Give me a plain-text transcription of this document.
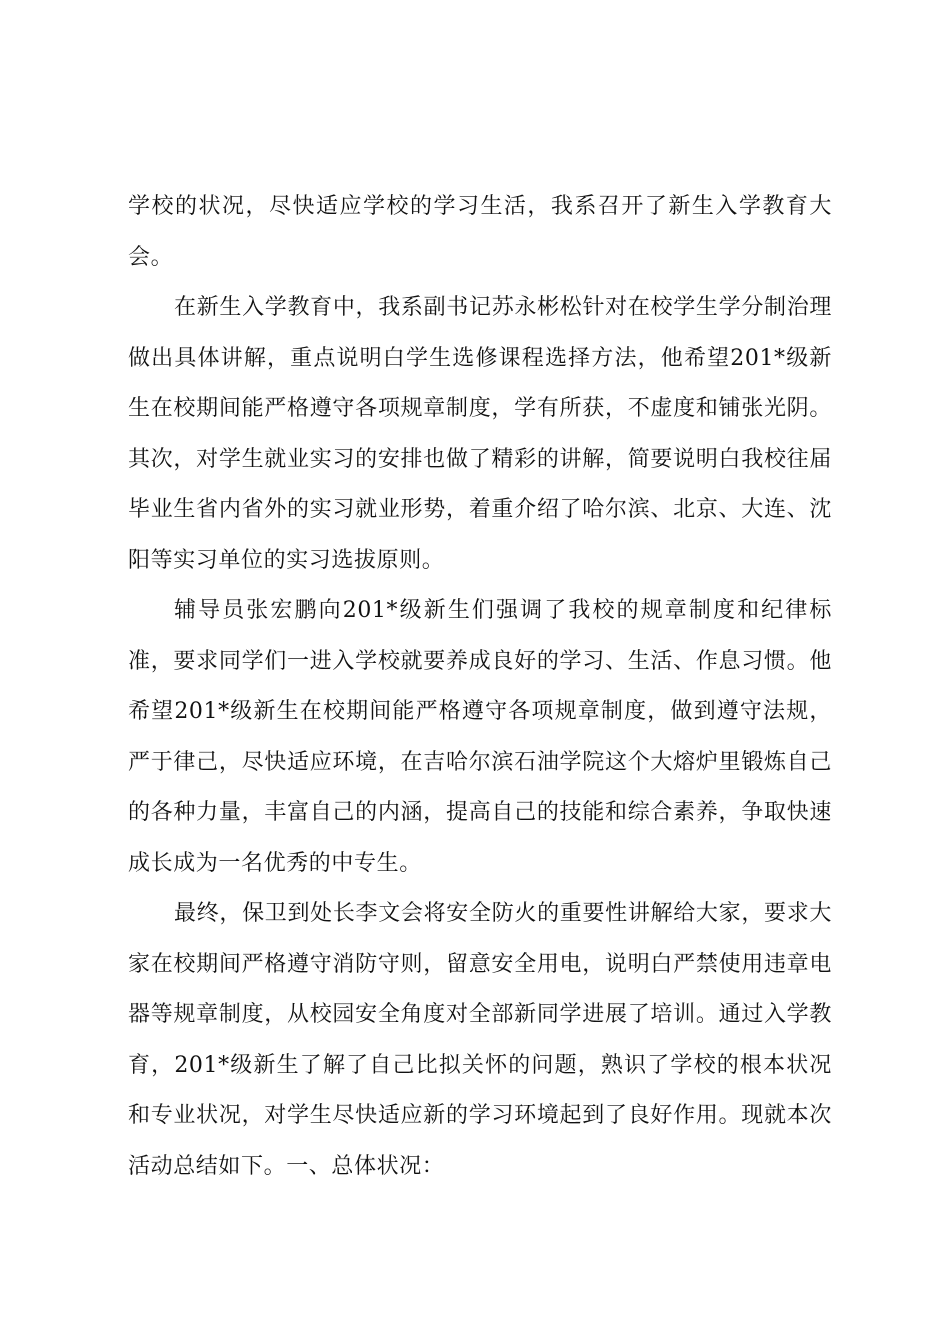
学校的状况，尽快适应学校的学习生活，我系召开了新生入学教育大会。

在新生入学教育中，我系副书记苏永彬松针对在校学生学分制治理做出具体讲解，重点说明白学生选修课程选择方法，他希望201*级新生在校期间能严格遵守各项规章制度，学有所获，不虚度和铺张光阴。其次，对学生就业实习的安排也做了精彩的讲解，简要说明白我校往届毕业生省内省外的实习就业形势，着重介绍了哈尔滨、北京、大连、沈阳等实习单位的实习选拔原则。

辅导员张宏鹏向201*级新生们强调了我校的规章制度和纪律标准，要求同学们一进入学校就要养成良好的学习、生活、作息习惯。他希望201*级新生在校期间能严格遵守各项规章制度，做到遵守法规，严于律己，尽快适应环境，在吉哈尔滨石油学院这个大熔炉里锻炼自己的各种力量，丰富自己的内涵，提高自己的技能和综合素养，争取快速成长成为一名优秀的中专生。

最终，保卫到处长李文会将安全防火的重要性讲解给大家，要求大家在校期间严格遵守消防守则，留意安全用电，说明白严禁使用违章电器等规章制度，从校园安全角度对全部新同学进展了培训。通过入学教育，201*级新生了解了自己比拟关怀的问题，熟识了学校的根本状况和专业状况，对学生尽快适应新的学习环境起到了良好作用。现就本次活动总结如下。一、总体状况：
